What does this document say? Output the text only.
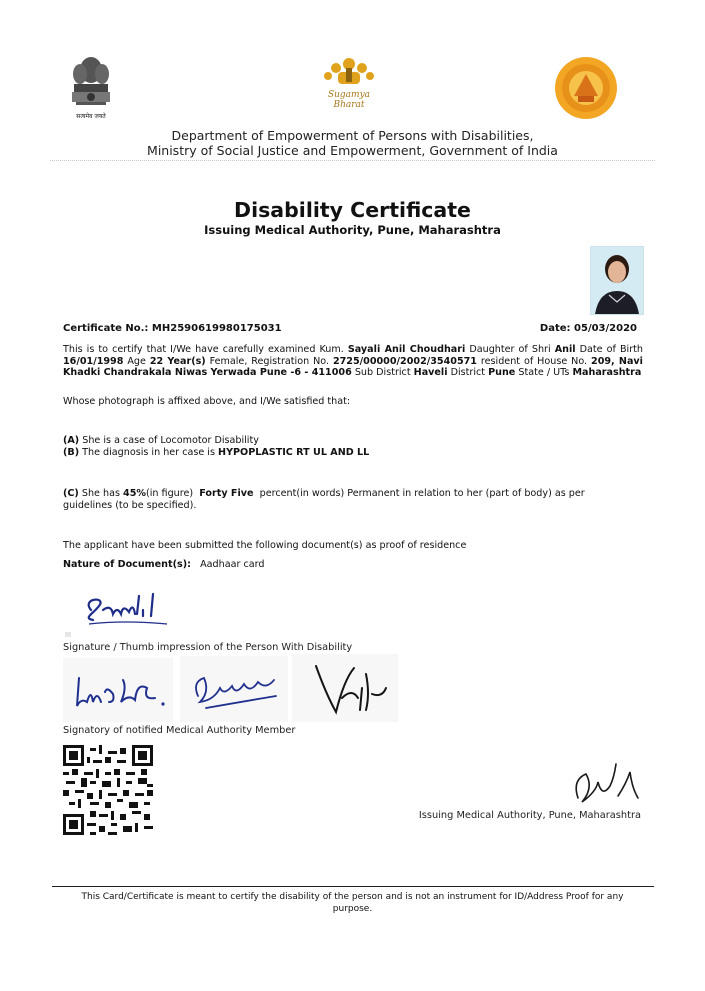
सत्यमेव जयते
Sugamya Bharat
Department of Empowerment of Persons with Disabilities,
Ministry of Social Justice and Empowerment, Government of India
Disability Certificate
Issuing Medical Authority, Pune, Maharashtra
Certificate No.: MH2590619980175031	Date: 05/03/2020
This is to certify that I/We have carefully examined Kum. Sayali Anil Choudhari Daughter of Shri Anil Date of Birth 16/01/1998 Age 22 Year(s) Female, Registration No. 2725/00000/2002/3540571 resident of House No. 209, Navi Khadki Chandrakala Niwas Yerwada Pune -6 - 411006 Sub District Haveli District Pune State / UTs Maharashtra
Whose photograph is affixed above, and I/We satisfied that:
(A) She is a case of Locomotor Disability
(B) The diagnosis in her case is HYPOPLASTIC RT UL AND LL
(C) She has 45%(in figure) Forty Five percent(in words) Permanent in relation to her (part of body) as per guidelines (to be specified).
The applicant have been submitted the following document(s) as proof of residence
Nature of Document(s): Aadhaar card
Signature / Thumb impression of the Person With Disability
Signatory of notified Medical Authority Member
Issuing Medical Authority, Pune, Maharashtra
This Card/Certificate is meant to certify the disability of the person and is not an instrument for ID/Address Proof for any purpose.
